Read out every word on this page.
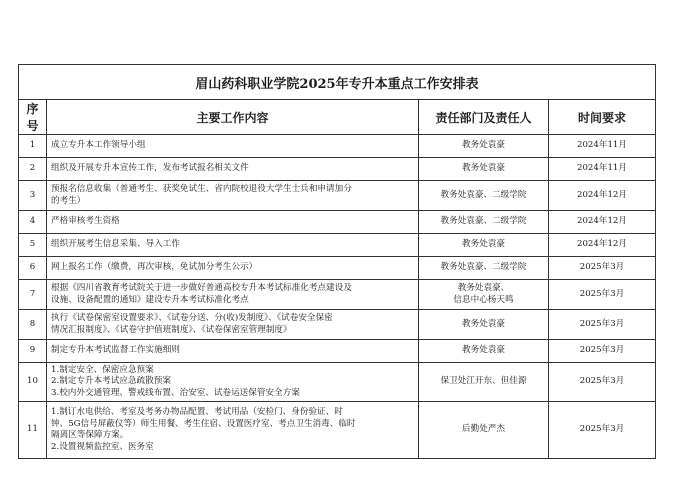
眉山药科职业学院2025年专升本重点工作安排表			
序号	主要工作内容	责任部门及责任人	时间要求
1	成立专升本工作领导小组	教务处袁豪	2024年11月
2	组织及开展专升本宣传工作，发布考试报名相关文件	教务处袁豪	2024年11月
3	预报名信息收集（普通考生、获奖免试生、省内院校退役大学生士兵和申请加分
的考生）	教务处袁豪、二级学院	2024年12月
4	严格审核考生资格	教务处袁豪、二级学院	2024年12月
5	组织开展考生信息采集、导入工作	教务处袁豪	2024年12月
6	网上报名工作（缴费，再次审核，免试加分考生公示）	教务处袁豪、二级学院	2025年3月
7	根据《四川省教育考试院关于进一步做好普通高校专升本考试标准化考点建设及
设施、设备配置的通知》建设专升本考试标准化考点	教务处袁豪、
信息中心杨天鸣	2025年3月
8	执行《试卷保密室设置要求》、《试卷分送、分(收)发制度》、《试卷安全保密
情况汇报制度》、《试卷守护值班制度》、《试卷保密室管理制度》	教务处袁豪	2025年3月
9	制定专升本考试监督工作实施细则	教务处袁豪	2025年3月
10	1.制定安全、保密应急预案
2.制定专升本考试应急疏散预案
3.校内外交通管理、警戒线布置、治安室、试卷运送保管安全方案	保卫处江开东、但佳源	2025年3月
11	1.制订水电供给、考室及考务办物品配置、考试用品（安检门、身份验证、时
钟、5G信号屏蔽仪等）师生用餐、考生住宿、设置医疗室、考点卫生消毒、临时
隔离区等保障方案。
2.设置视频监控室、医务室	后勤处严杰	2025年3月
